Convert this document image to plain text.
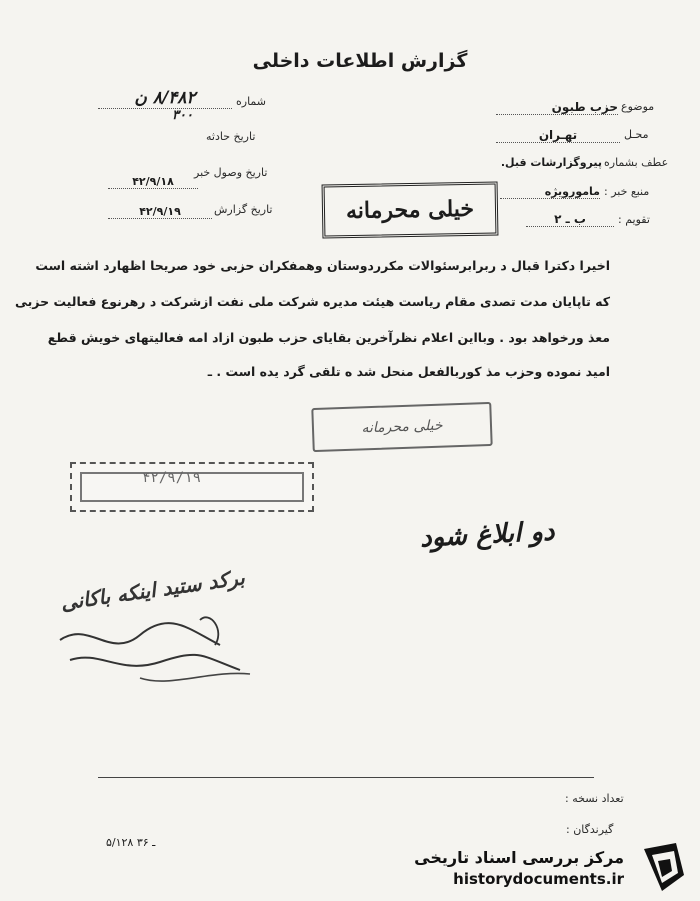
گزارش اطلاعات داخلی
شماره
۸/۴۸۲ ن
۳۰۰
تاریخ حادثه
تاریخ وصول خبر
۴۲/۹/۱۸
تاریخ گزارش
۴۲/۹/۱۹
موضوع
حزب طبون
محـل
تهـران
عطف بشماره
پیروگزارشات قبل.
منبع خبر :
مامورویژه
تقویم :
ب ـ ۲
خیلی محرمانه
اخیرا دکترا قبال د ربرابرسئوالات مکرردوستان وهمفکران حزبی خود صریحا اظهارد اشته است
که تاپایان مدت تصدی مقام ریاست هیئت مدیره شرکت ملی نفت ازشرکت د رهرنوع فعالیت حزبی
معذ ورخواهد بود . وبااین اعلام نظرآخرین بقایای حزب طبون ازاد امه فعالیتهای خویش قطع
امید نموده وحزب مذ کوربالفعل منحل شد ه تلقی گرد یده است . ـ
خیلی محرمانه
۴۲/۹/۱۹
دو ابلاغ شود
برکد ستید اینکه باکانی
تعداد نسخه :
گیرندگان :
۵/۱۲۸ ـ ۳۶
مرکز بررسی اسناد تاریخی
historydocuments.ir
